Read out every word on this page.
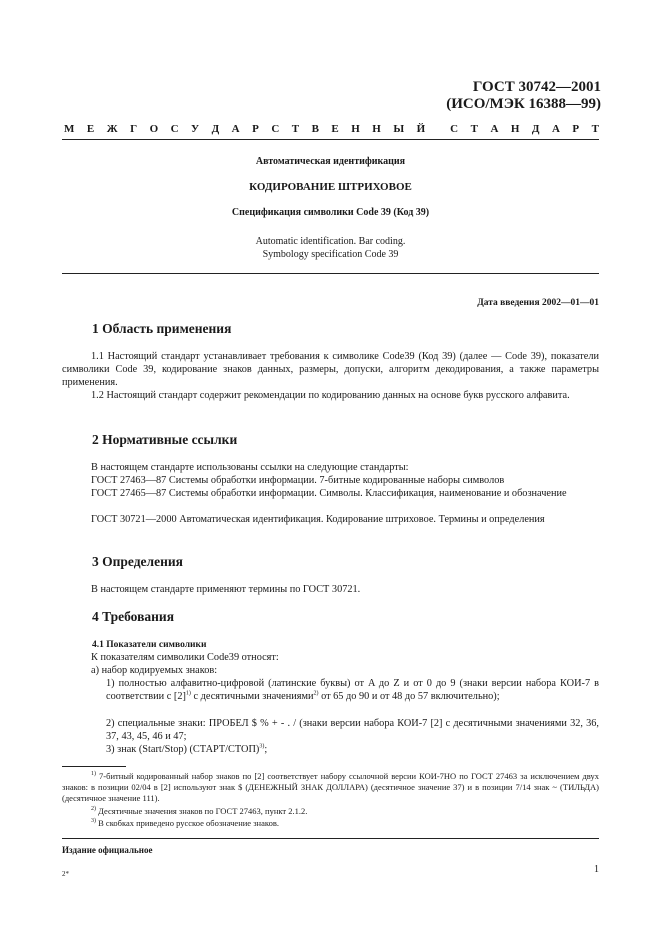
ГОСТ 30742—2001
(ИСО/МЭК 16388—99)
М Е Ж Г О С У Д А Р С Т В Е Н Н Ы Й С Т А Н Д А Р Т
Автоматическая идентификация
КОДИРОВАНИЕ ШТРИХОВОЕ
Спецификация символики Code 39 (Код 39)
Automatic identification. Bar coding.
Symbology specification Code 39
Дата введения 2002—01—01
1 Область применения
1.1 Настоящий стандарт устанавливает требования к символике Code39 (Код 39) (далее — Code 39), показатели символики Code 39, кодирование знаков данных, размеры, допуски, алгоритм декодирования, а также параметры применения.
1.2 Настоящий стандарт содержит рекомендации по кодированию данных на основе букв русского алфавита.
2 Нормативные ссылки
В настоящем стандарте использованы ссылки на следующие стандарты:
ГОСТ 27463—87 Системы обработки информации. 7-битные кодированные наборы символов
ГОСТ 27465—87 Системы обработки информации. Символы. Классификация, наименование и обозначение
ГОСТ 30721—2000 Автоматическая идентификация. Кодирование штриховое. Термины и определения
3 Определения
В настоящем стандарте применяют термины по ГОСТ 30721.
4 Требования
4.1 Показатели символики
К показателям символики Code39 относят:
а) набор кодируемых знаков:
1) полностью алфавитно-цифровой (латинские буквы) от A до Z и от 0 до 9 (знаки версии набора КОИ-7 в соответствии с $[2]^{1)}$ с десятичными значениями$^{2)}$ от 65 до 90 и от 48 до 57 включительно);
2) специальные знаки: ПРОБЕЛ $ % + - . / (знаки версии набора КОИ-7 [2] с десятичными значениями 32, 36, 37, 43, 45, 46 и 47;
3) знак (Start/Stop) (СТАРТ/СТОП)$^{3)}$;
$^{1)}$ 7-битный кодированный набор знаков по [2] соответствует набору ссылочной версии КОИ-7НО по ГОСТ 27463 за исключением двух знаков: в позиции 02/04 в [2] используют знак $ (ДЕНЕЖНЫЙ ЗНАК ДОЛЛАРА) (десятичное значение 37) и в позиции 7/14 знак ~ (ТИЛЬДА) (десятичное значение 111).
$^{2)}$ Десятичные значения знаков по ГОСТ 27463, пункт 2.1.2.
$^{3)}$ В скобках приведено русское обозначение знаков.
Издание официальное
2*	1
